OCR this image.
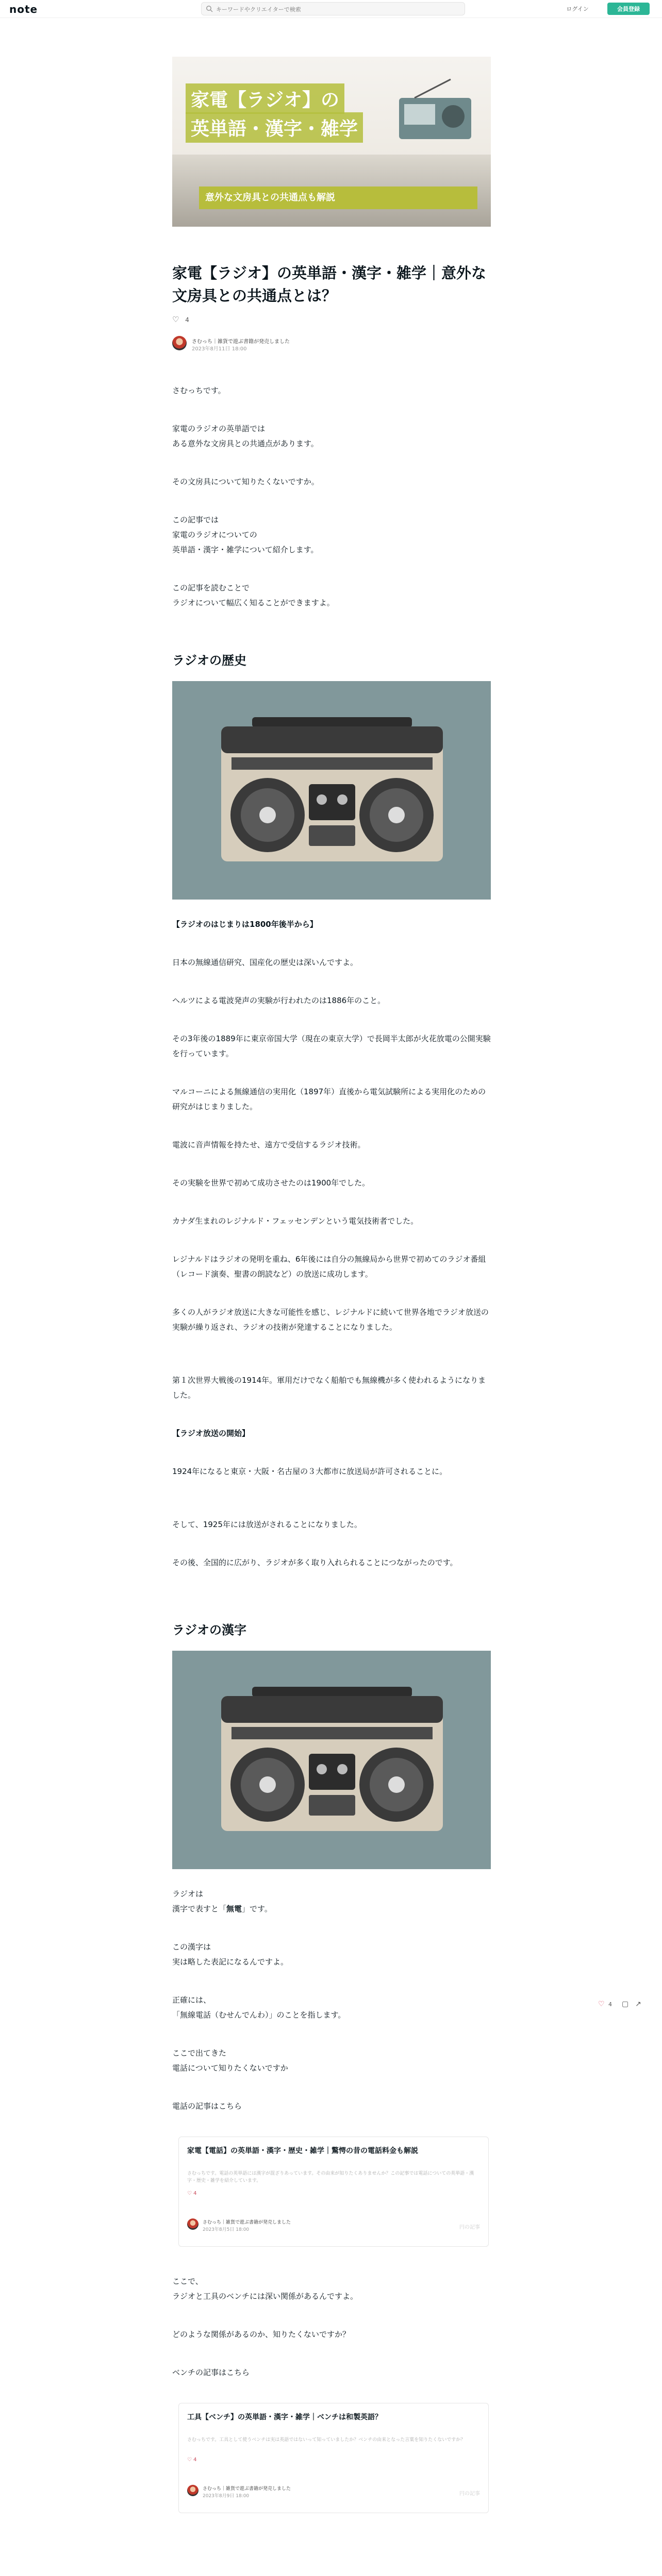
note
キーワードやクリエイターで検索	ログイン	会員登録
家電【ラジオ】の
英単語・漢字・雑学
意外な文房具との共通点も解説
家電【ラジオ】の英単語・漢字・雑学｜意外な文房具との共通点とは？
♡ 4
さむっち｜雑貨で遊ぶ書籍が発売しました
2023年8月11日 18:00

さむっちです。

家電のラジオの英単語では

ある意外な文房具との共通点があります。

その文房具について知りたくないですか。

この記事では

家電のラジオについての

英単語・漢字・雑学について紹介します。

この記事を読むことで

ラジオについて幅広く知ることができますよ。

ラジオの歴史

【ラジオのはじまりは1800年後半から】

日本の無線通信研究、国産化の歴史は深いんですよ。

ヘルツによる電波発声の実験が行われたのは1886年のこと。

その3年後の1889年に東京帝国大学（現在の東京大学）で長岡半太郎が火花放電の公開実験を行っています。

マルコーニによる無線通信の実用化（1897年）直後から電気試験所による実用化のための研究がはじまりました。

電波に音声情報を持たせ、遠方で受信するラジオ技術。

その実験を世界で初めて成功させたのは1900年でした。

カナダ生まれのレジナルド・フェッセンデンという電気技術者でした。

レジナルドはラジオの発明を重ね、6年後には自分の無線局から世界で初めてのラジオ番組（レコード演奏、聖書の朗読など）の放送に成功します。

多くの人がラジオ放送に大きな可能性を感じ、レジナルドに続いて世界各地でラジオ放送の実験が繰り返され、ラジオの技術が発達することになりました。

第１次世界大戦後の1914年。軍用だけでなく船舶でも無線機が多く使われるようになりました。

【ラジオ放送の開始】

1924年になると東京・大阪・名古屋の３大都市に放送局が許可されることに。

そして、1925年には放送がされることになりました。

その後、全国的に広がり、ラジオが多く取り入れられることにつながったのです。

ラジオの漢字

ラジオは

漢字で表すと「無電」です。

この漢字は

実は略した表記になるんですよ。

正確には、

「無線電話（むせんでんわ）」のことを指します。

ここで出てきた

電話について知りたくないですか

電話の記事はこちら

家電【電話】の英単語・漢字・歴史・雑学｜驚愕の昔の電話料金も解説
さむっちです。電話の英単語には漢字が混ざりあっています。その由来が知りたくありませんか？この記事では電話についての英単語・漢字・歴史・雑学を紹介しています。
♡ 4
さむっち｜雑貨で遊ぶ書籍が発売しました
2023年8月5日 18:00	円の記事

ここで、

ラジオと工具のベンチには深い関係があるんですよ。

どのような関係があるのか、知りたくないですか？

ベンチの記事はこちら

工具【ベンチ】の英単語・漢字・雑学｜ベンチは和製英語？
さむっちです。工具として使うベンチは実は英語ではないって知っていましたか？ベンチの由来となった言葉を知りたくないですか？
♡ 4
さむっち｜雑貨で遊ぶ書籍が発売しました
2023年8月9日 18:00	円の記事

♡ 4 ▢ ↗
